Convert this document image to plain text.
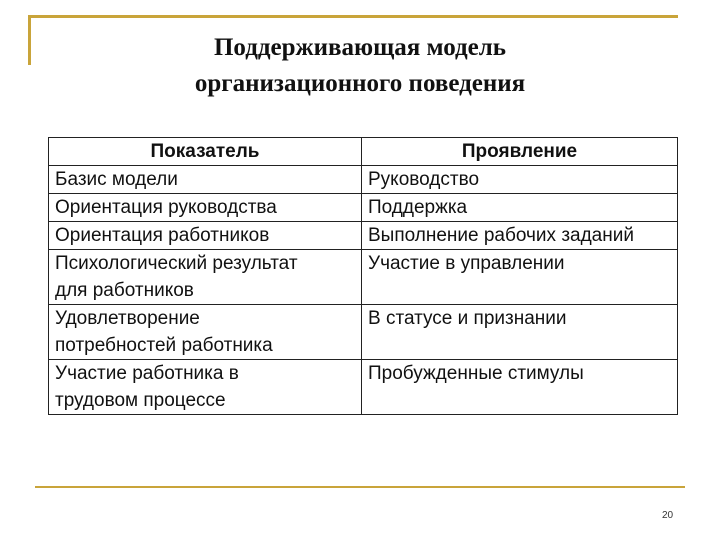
Поддерживающая модель
организационного поведения
Показатель	Проявление

Базис модели	Руководство

Ориентация руководства	Поддержка

Ориентация работников	Выполнение рабочих заданий

Психологический результат
для работников	Участие в управлении

Удовлетворение
потребностей работника	В статусе и признании

Участие работника в
трудовом процессе	Пробужденные стимулы
20
